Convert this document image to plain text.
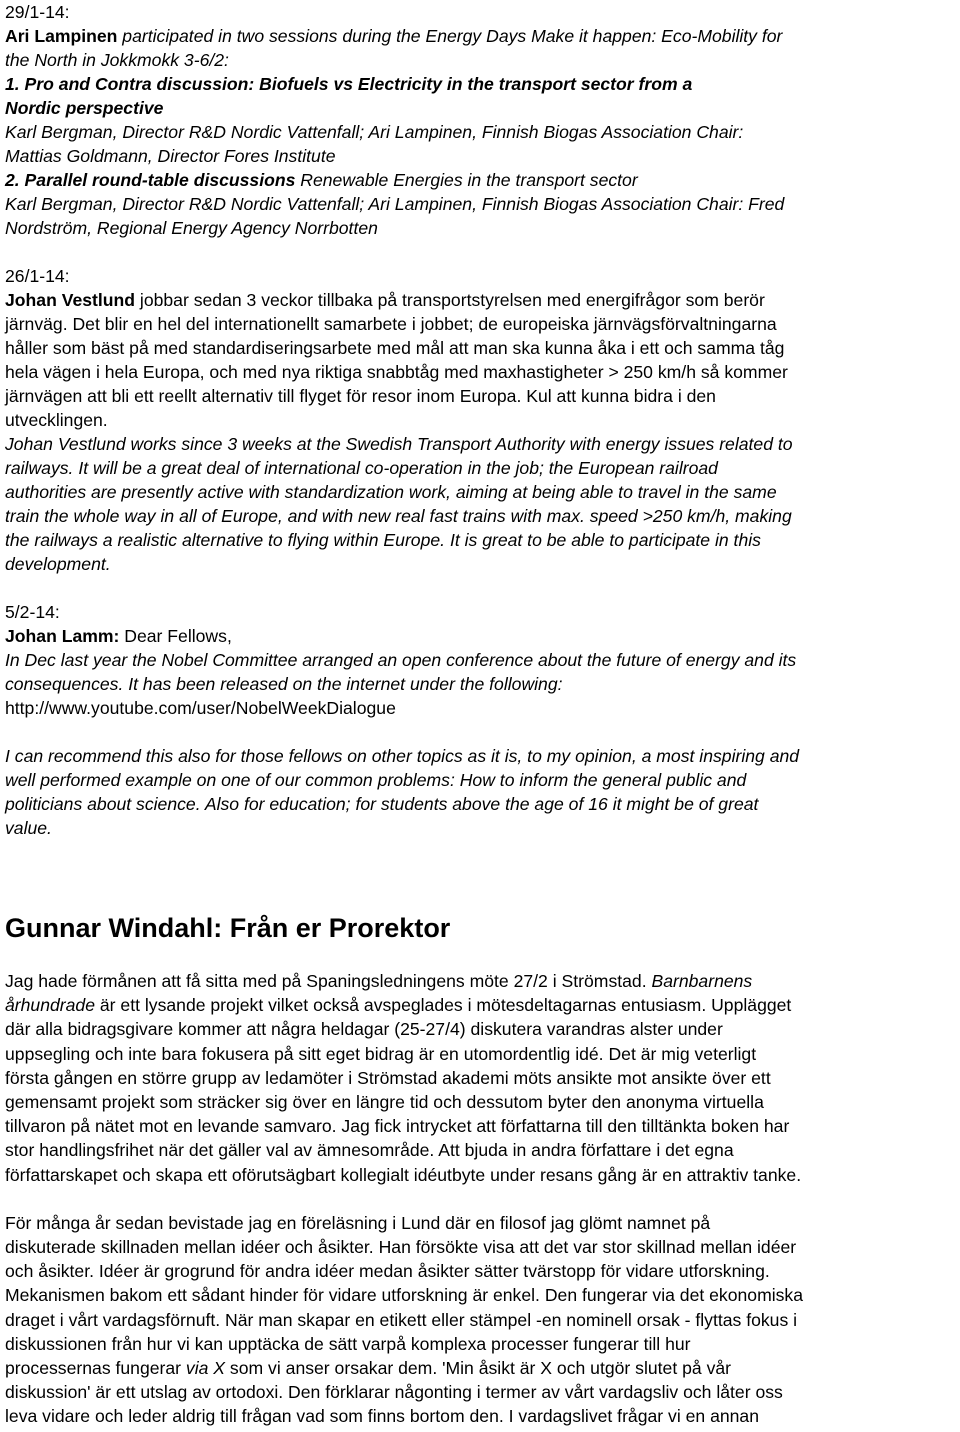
29/1-14:
Ari Lampinen participated in two sessions during the Energy Days Make it happen: Eco-Mobility for
the North in Jokkmokk 3-6/2:
1. Pro and Contra discussion: Biofuels vs Electricity in the transport sector from a
Nordic perspective
Karl Bergman, Director R&D Nordic Vattenfall; Ari Lampinen, Finnish Biogas Association Chair:
Mattias Goldmann, Director Fores Institute
2. Parallel round-table discussions Renewable Energies in the transport sector
Karl Bergman, Director R&D Nordic Vattenfall; Ari Lampinen, Finnish Biogas Association Chair: Fred
Nordström, Regional Energy Agency Norrbotten
26/1-14:
Johan Vestlund jobbar sedan 3 veckor tillbaka på transportstyrelsen med energifrågor som berör
järnväg. Det blir en hel del internationellt samarbete i jobbet; de europeiska järnvägsförvaltningarna
håller som bäst på med standardiseringsarbete med mål att man ska kunna åka i ett och samma tåg
hela vägen i hela Europa, och med nya riktiga snabbtåg med maxhastigheter > 250 km/h så kommer
järnvägen att bli ett reellt alternativ till flyget för resor inom Europa. Kul att kunna bidra i den
utvecklingen.
Johan Vestlund works since 3 weeks at the Swedish Transport Authority with energy issues related to
railways. It will be a great deal of international co-operation in the job; the European railroad
authorities are presently active with standardization work, aiming at being able to travel in the same
train the whole way in all of Europe, and with new real fast trains with max. speed >250 km/h, making
the railways a realistic alternative to flying within Europe. It is great to be able to participate in this
development.
5/2-14:
Johan Lamm: Dear Fellows,
In Dec last year the Nobel Committee arranged an open conference about the future of energy and its
consequences. It has been released on the internet under the following:
http://www.youtube.com/user/NobelWeekDialogue

I can recommend this also for those fellows on other topics as it is, to my opinion, a most inspiring and
well performed example on one of our common problems: How to inform the general public and
politicians about science. Also for education; for students above the age of 16 it might be of great
value.
Gunnar Windahl: Från er Prorektor
Jag hade förmånen att få sitta med på Spaningsledningens möte 27/2 i Strömstad. Barnbarnens
århundrade är ett lysande projekt vilket också avspeglades i mötesdeltagarnas entusiasm. Upplägget
där alla bidragsgivare kommer att några heldagar (25-27/4) diskutera varandras alster under
uppsegling och inte bara fokusera på sitt eget bidrag är en utomordentlig idé. Det är mig veterligt
första gången en större grupp av ledamöter i Strömstad akademi möts ansikte mot ansikte över ett
gemensamt projekt som sträcker sig över en längre tid och dessutom byter den anonyma virtuella
tillvaron på nätet mot en levande samvaro. Jag fick intrycket att författarna till den tilltänkta boken har
stor handlingsfrihet när det gäller val av ämnesområde. Att bjuda in andra författare i det egna
författarskapet och skapa ett oförutsägbart kollegialt idéutbyte under resans gång är en attraktiv tanke.
För många år sedan bevistade jag en föreläsning i Lund där en filosof jag glömt namnet på
diskuterade skillnaden mellan idéer och åsikter. Han försökte visa att det var stor skillnad mellan idéer
och åsikter. Idéer är grogrund för andra idéer medan åsikter sätter tvärstopp för vidare utforskning.
Mekanismen bakom ett sådant hinder för vidare utforskning är enkel. Den fungerar via det ekonomiska
draget i vårt vardagsförnuft. När man skapar en etikett eller stämpel -en nominell orsak - flyttas fokus i
diskussionen från hur vi kan upptäcka de sätt varpå komplexa processer fungerar till hur
processernas fungerar via X som vi anser orsakar dem. 'Min åsikt är X och utgör slutet på vår
diskussion' är ett utslag av ortodoxi. Den förklarar någonting i termer av vårt vardagsliv och låter oss
leva vidare och leder aldrig till frågan vad som finns bortom den. I vardagslivet frågar vi en annan
